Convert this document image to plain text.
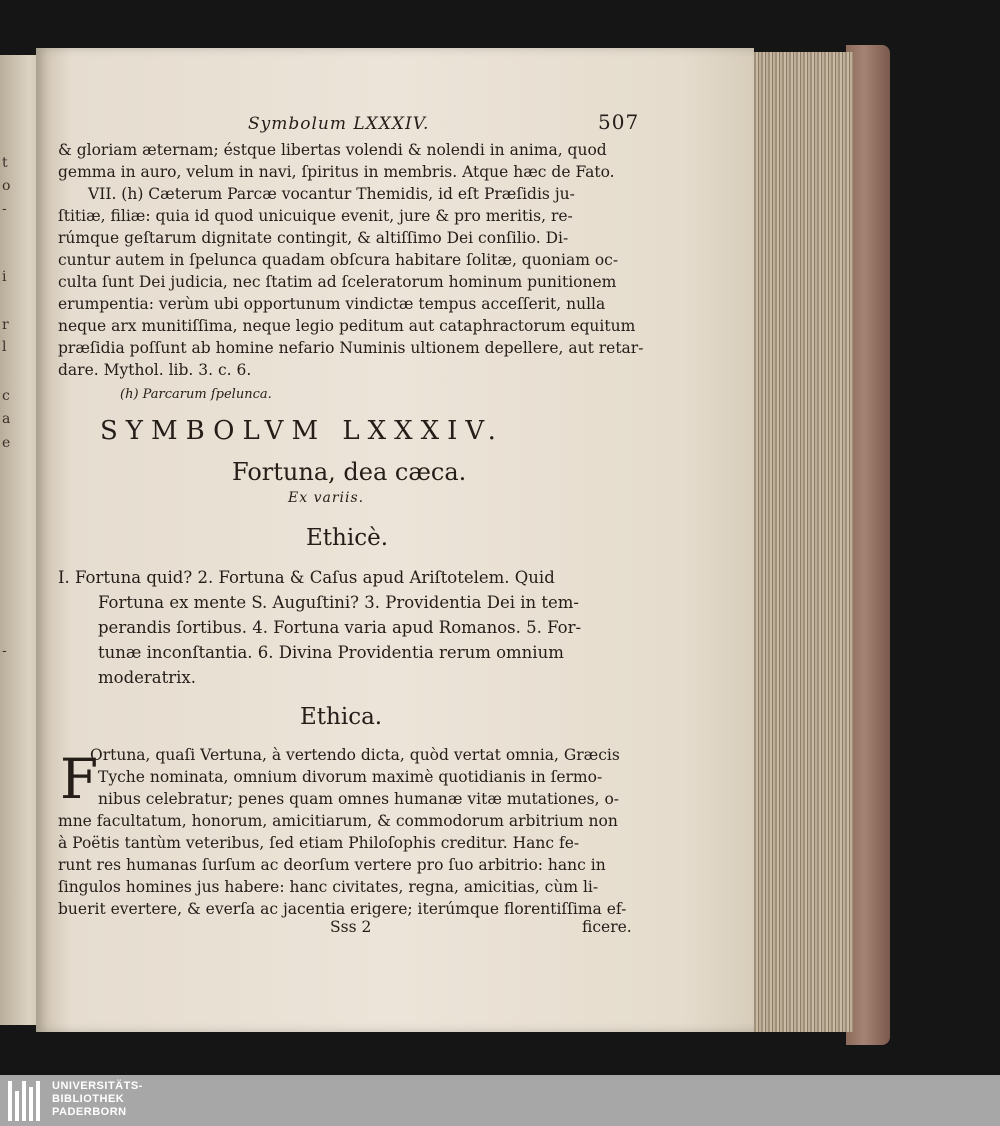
t
o
-
i
r
l
c
a
e
-
Symbolum LXXXIV.	507
& gloriam æternam; éstque libertas volendi & nolendi in anima, quod
gemma in auro, velum in navi, ſpiritus in membris. Atque hæc de Fato.
VII. (h) Cæterum Parcæ vocantur Themidis, id eſt Præſidis ju-
ſtitiæ, filiæ: quia id quod unicuique evenit, jure & pro meritis, re-
rúmque geſtarum dignitate contingit, & altiſſimo Dei conſilio. Di-
cuntur autem in ſpelunca quadam obſcura habitare ſolitæ, quoniam oc-
culta ſunt Dei judicia, nec ſtatim ad ſceleratorum hominum punitionem
erumpentia: verùm ubi opportunum vindictæ tempus acceſſerit, nulla
neque arx munitiſſima, neque legio peditum aut cataphractorum equitum
præſidia poſſunt ab homine nefario Numinis ultionem depellere, aut retar-
dare. Mythol. lib. 3. c. 6.
(h) Parcarum ſpelunca.
SYMBOLVM LXXXIV.
Fortuna, dea cæca.
Ex variis.
Ethicè.
I. Fortuna quid? 2. Fortuna & Caſus apud Ariſtotelem. Quid
Fortuna ex mente S. Auguſtini? 3. Providentia Dei in tem-
perandis ſortibus. 4. Fortuna varia apud Romanos. 5. For-
tunæ inconſtantia. 6. Divina Providentia rerum omnium
moderatrix.
Ethica.
F
Ortuna, quaſi Vertuna, à vertendo dicta, quòd vertat omnia, Græcis
Tyche nominata, omnium divorum maximè quotidianis in ſermo-
nibus celebratur; penes quam omnes humanæ vitæ mutationes, o-
mne facultatum, honorum, amicitiarum, & commodorum arbitrium non
à Poëtis tantùm veteribus, ſed etiam Philoſophis creditur. Hanc fe-
runt res humanas ſurſum ac deorſum vertere pro ſuo arbitrio: hanc in
ſingulos homines jus habere: hanc civitates, regna, amicitias, cùm li-
buerit evertere, & everſa ac jacentia erigere; iterúmque florentiſſima ef-
Sss 2	ficere.
UNIVERSITÄTS-
BIBLIOTHEK
PADERBORN
